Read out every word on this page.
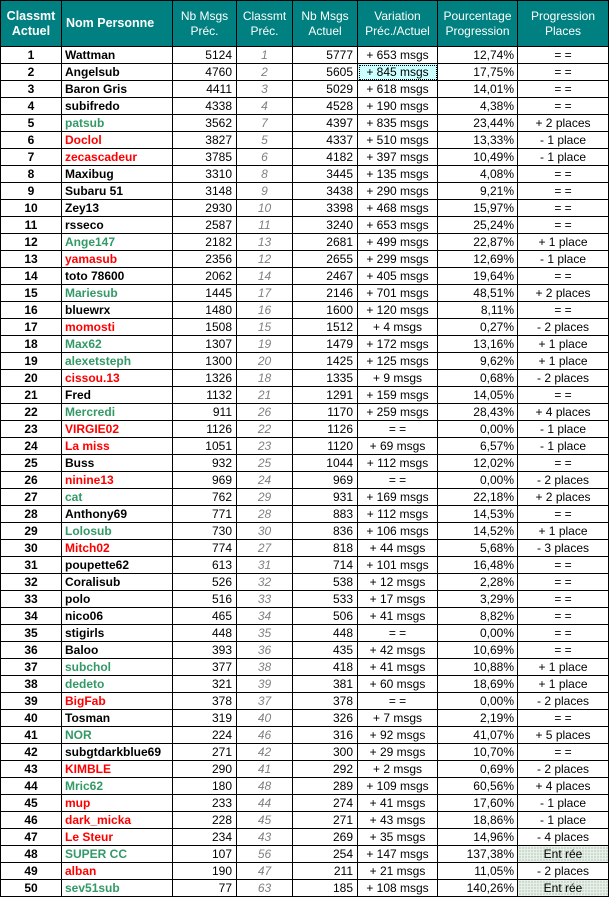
Classmt Actuel	Nom Personne	Nb Msgs Préc.	Classmt Préc.	Nb Msgs Actuel	Variation Préc./Actuel	Pourcentage Progression	Progression Places
1	Wattman	5124	1	5777	+ 653 msgs	12,74%	= =
2	Angelsub	4760	2	5605	+ 845 msgs	17,75%	= =
3	Baron Gris	4411	3	5029	+ 618 msgs	14,01%	= =
4	subifredo	4338	4	4528	+ 190 msgs	4,38%	= =
5	patsub	3562	7	4397	+ 835 msgs	23,44%	+ 2 places
6	Doclol	3827	5	4337	+ 510 msgs	13,33%	- 1 place
7	zecascadeur	3785	6	4182	+ 397 msgs	10,49%	- 1 place
8	Maxibug	3310	8	3445	+ 135 msgs	4,08%	= =
9	Subaru 51	3148	9	3438	+ 290 msgs	9,21%	= =
10	Zey13	2930	10	3398	+ 468 msgs	15,97%	= =
11	rsseco	2587	11	3240	+ 653 msgs	25,24%	= =
12	Ange147	2182	13	2681	+ 499 msgs	22,87%	+ 1 place
13	yamasub	2356	12	2655	+ 299 msgs	12,69%	- 1 place
14	toto 78600	2062	14	2467	+ 405 msgs	19,64%	= =
15	Mariesub	1445	17	2146	+ 701 msgs	48,51%	+ 2 places
16	bluewrx	1480	16	1600	+ 120 msgs	8,11%	= =
17	momosti	1508	15	1512	+ 4 msgs	0,27%	- 2 places
18	Max62	1307	19	1479	+ 172 msgs	13,16%	+ 1 place
19	alexetsteph	1300	20	1425	+ 125 msgs	9,62%	+ 1 place
20	cissou.13	1326	18	1335	+ 9 msgs	0,68%	- 2 places
21	Fred	1132	21	1291	+ 159 msgs	14,05%	= =
22	Mercredi	911	26	1170	+ 259 msgs	28,43%	+ 4 places
23	VIRGIE02	1126	22	1126	= =	0,00%	- 1 place
24	La miss	1051	23	1120	+ 69 msgs	6,57%	- 1 place
25	Buss	932	25	1044	+ 112 msgs	12,02%	= =
26	ninine13	969	24	969	= =	0,00%	- 2 places
27	cat	762	29	931	+ 169 msgs	22,18%	+ 2 places
28	Anthony69	771	28	883	+ 112 msgs	14,53%	= =
29	Lolosub	730	30	836	+ 106 msgs	14,52%	+ 1 place
30	Mitch02	774	27	818	+ 44 msgs	5,68%	- 3 places
31	poupette62	613	31	714	+ 101 msgs	16,48%	= =
32	Coralisub	526	32	538	+ 12 msgs	2,28%	= =
33	polo	516	33	533	+ 17 msgs	3,29%	= =
34	nico06	465	34	506	+ 41 msgs	8,82%	= =
35	stigirls	448	35	448	= =	0,00%	= =
36	Baloo	393	36	435	+ 42 msgs	10,69%	= =
37	subchol	377	38	418	+ 41 msgs	10,88%	+ 1 place
38	dedeto	321	39	381	+ 60 msgs	18,69%	+ 1 place
39	BigFab	378	37	378	= =	0,00%	- 2 places
40	Tosman	319	40	326	+ 7 msgs	2,19%	= =
41	NOR	224	46	316	+ 92 msgs	41,07%	+ 5 places
42	subgtdarkblue69	271	42	300	+ 29 msgs	10,70%	= =
43	KIMBLE	290	41	292	+ 2 msgs	0,69%	- 2 places
44	Mric62	180	48	289	+ 109 msgs	60,56%	+ 4 places
45	mup	233	44	274	+ 41 msgs	17,60%	- 1 place
46	dark_micka	228	45	271	+ 43 msgs	18,86%	- 1 place
47	Le Steur	234	43	269	+ 35 msgs	14,96%	- 4 places
48	SUPER CC	107	56	254	+ 147 msgs	137,38%	Ent rée
49	alban	190	47	211	+ 21 msgs	11,05%	- 2 places
50	sev51sub	77	63	185	+ 108 msgs	140,26%	Ent rée
